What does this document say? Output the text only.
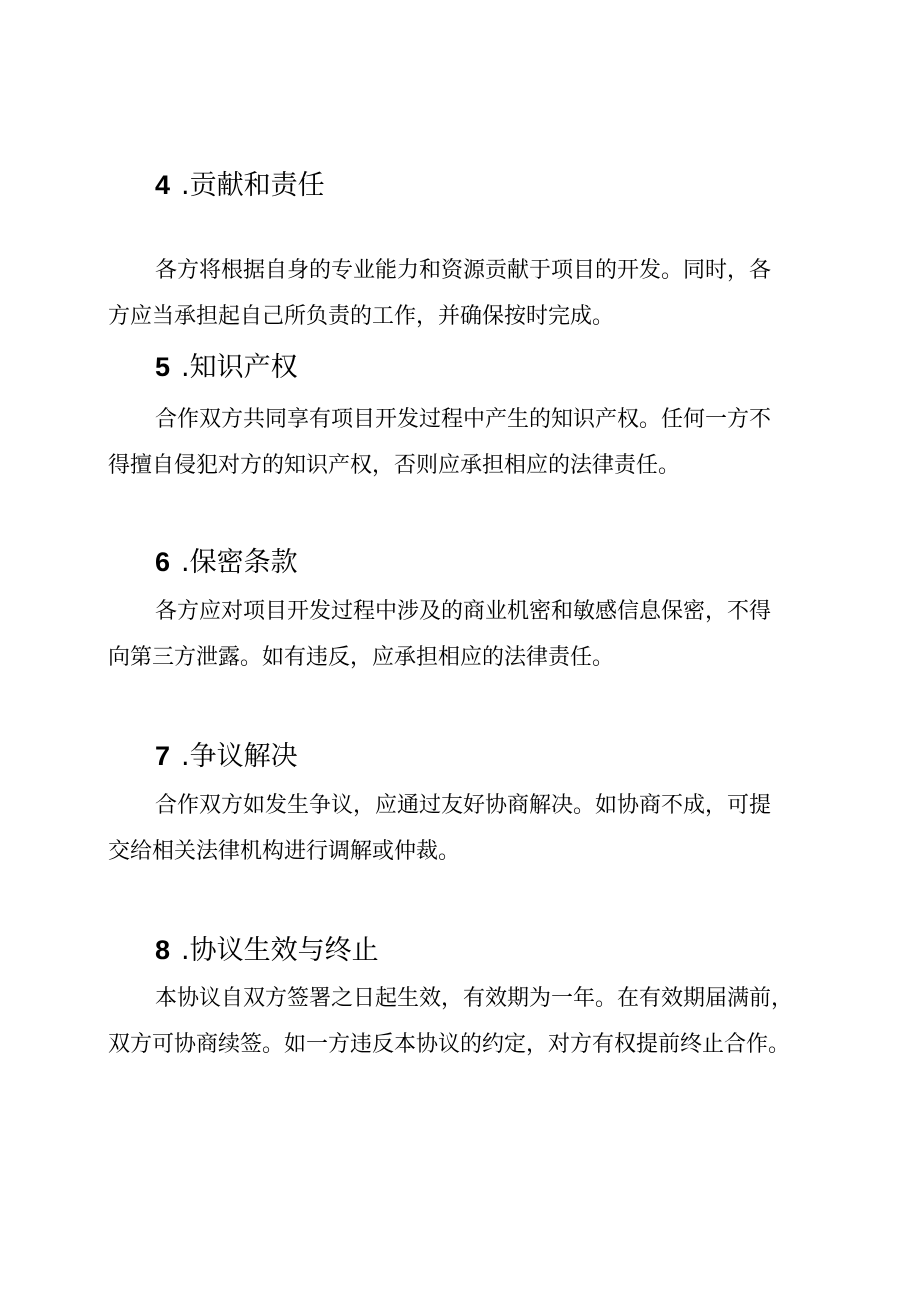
4 .贡献和责任

各方将根据自身的专业能力和资源贡献于项目的开发。同时，各
方应当承担起自己所负责的工作，并确保按时完成。

5 .知识产权

合作双方共同享有项目开发过程中产生的知识产权。任何一方不
得擅自侵犯对方的知识产权，否则应承担相应的法律责任。

6 .保密条款

各方应对项目开发过程中涉及的商业机密和敏感信息保密，不得
向第三方泄露。如有违反，应承担相应的法律责任。

7 .争议解决

合作双方如发生争议，应通过友好协商解决。如协商不成，可提
交给相关法律机构进行调解或仲裁。

8 .协议生效与终止

本协议自双方签署之日起生效，有效期为一年。在有效期届满前，
双方可协商续签。如一方违反本协议的约定，对方有权提前终止合作。
